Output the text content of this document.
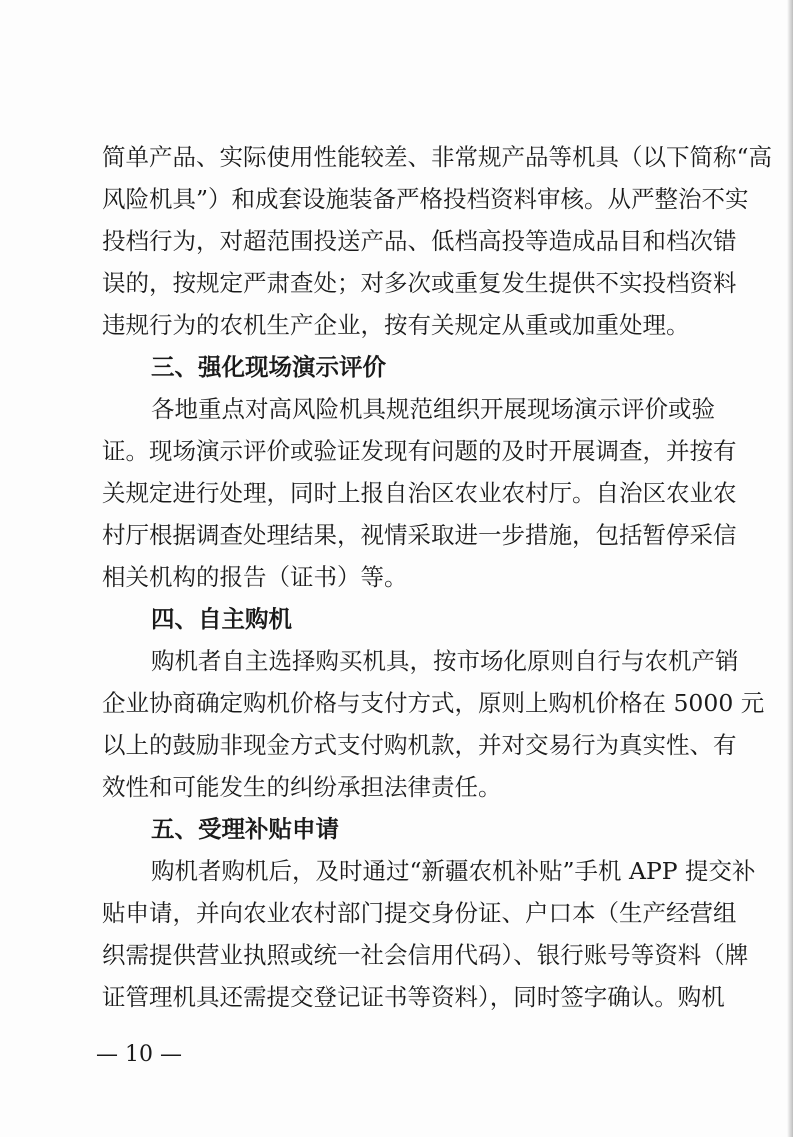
简单产品、实际使用性能较差、非常规产品等机具（以下简称“高
风险机具”）和成套设施装备严格投档资料审核。从严整治不实
投档行为，对超范围投送产品、低档高投等造成品目和档次错
误的，按规定严肃查处；对多次或重复发生提供不实投档资料
违规行为的农机生产企业，按有关规定从重或加重处理。
三、强化现场演示评价
各地重点对高风险机具规范组织开展现场演示评价或验
证。现场演示评价或验证发现有问题的及时开展调查，并按有
关规定进行处理，同时上报自治区农业农村厅。自治区农业农
村厅根据调查处理结果，视情采取进一步措施，包括暂停采信
相关机构的报告（证书）等。
四、自主购机
购机者自主选择购买机具，按市场化原则自行与农机产销
企业协商确定购机价格与支付方式，原则上购机价格在 5000 元
以上的鼓励非现金方式支付购机款，并对交易行为真实性、有
效性和可能发生的纠纷承担法律责任。
五、受理补贴申请
购机者购机后，及时通过“新疆农机补贴”手机 APP 提交补
贴申请，并向农业农村部门提交身份证、户口本（生产经营组
织需提供营业执照或统一社会信用代码）、银行账号等资料（牌
证管理机具还需提交登记证书等资料），同时签字确认。购机
— 10 —
